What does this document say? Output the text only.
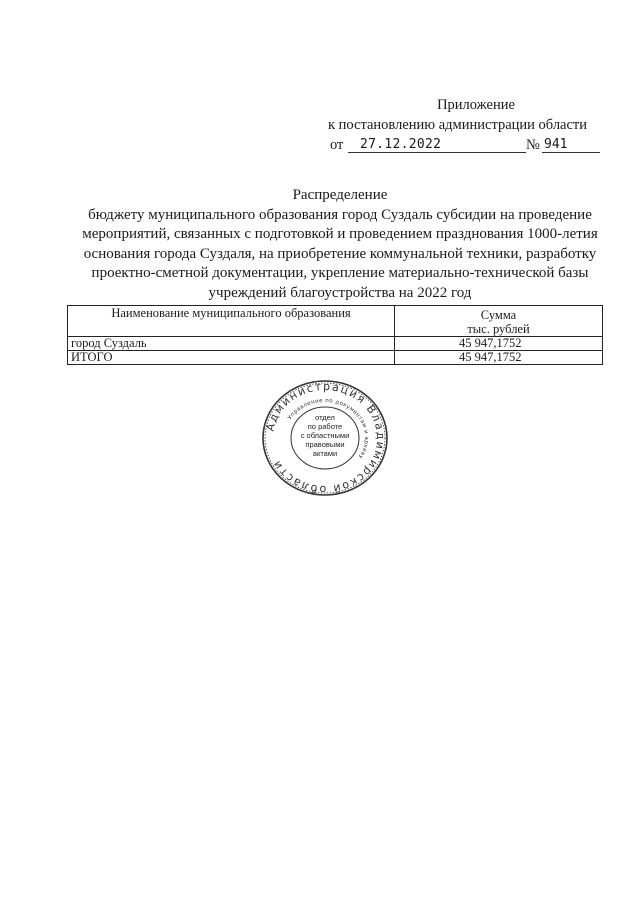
Приложение
к постановлению администрации области
от	27.12.2022	№ 941
Распределение
бюджету муниципального образования город Суздаль субсидии на проведение мероприятий, связанных с подготовкой и проведением празднования 1000-летия основания города Суздаля, на приобретение коммунальной техники, разработку проектно-сметной документации, укрепление материально-технической базы учреждений благоустройства на 2022 год
Наименование муниципального образования	Сумма
тыс. рублей

город Суздаль	45 947,1752
ИТОГО	45 947,1752
Администрация Владимирской области
Управление по документам и архиву
отдел
по работе
с областными
правовыми
актами
